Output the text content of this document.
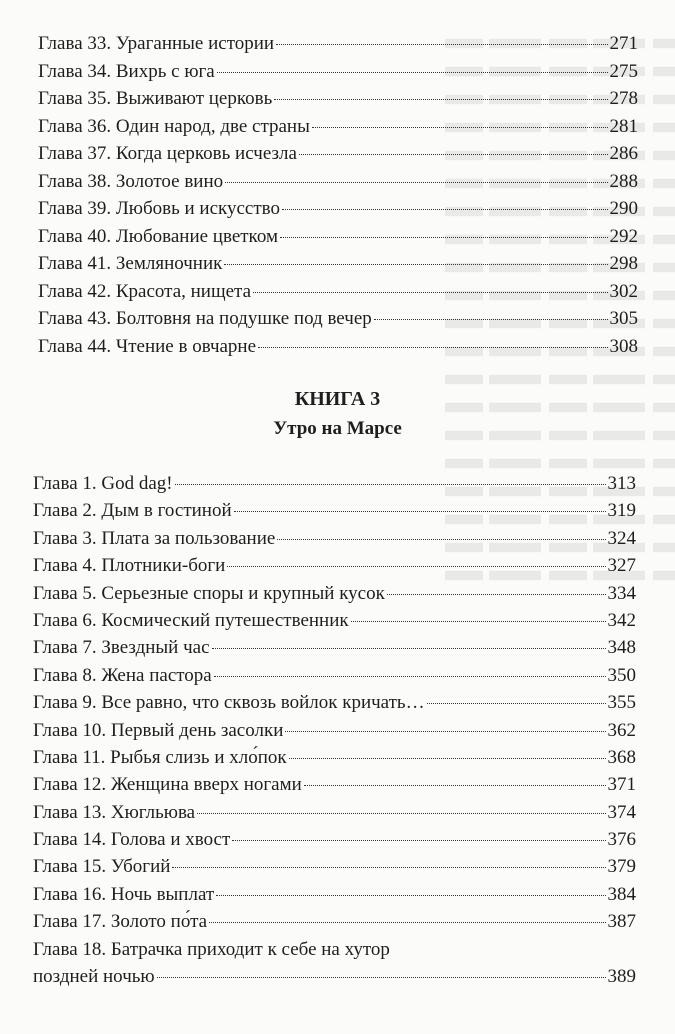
Глава 33. Ураганные истории	271
Глава 34. Вихрь с юга	275
Глава 35. Выживают церковь	278
Глава 36. Один народ, две страны	281
Глава 37. Когда церковь исчезла	286
Глава 38. Золотое вино	288
Глава 39. Любовь и искусство	290
Глава 40. Любование цветком	292
Глава 41. Земляночник	298
Глава 42. Красота, нищета	302
Глава 43. Болтовня на подушке под вечер	305
Глава 44. Чтение в овчарне	308
КНИГА 3
Утро на Марсе
Глава 1. God dag!	313
Глава 2. Дым в гостиной	319
Глава 3. Плата за пользование	324
Глава 4. Плотники-боги	327
Глава 5. Серьезные споры и крупный кусок	334
Глава 6. Космический путешественник	342
Глава 7. Звездный час	348
Глава 8. Жена пастора	350
Глава 9. Все равно, что сквозь войлок кричать…	355
Глава 10. Первый день засолки	362
Глава 11. Рыбья слизь и хло́пок	368
Глава 12. Женщина вверх ногами	371
Глава 13. Хюгльюва	374
Глава 14. Голова и хвост	376
Глава 15. Убогий	379
Глава 16. Ночь выплат	384
Глава 17. Золото по́та	387
Глава 18. Батрачка приходит к себе на хутор
поздней ночью	389
